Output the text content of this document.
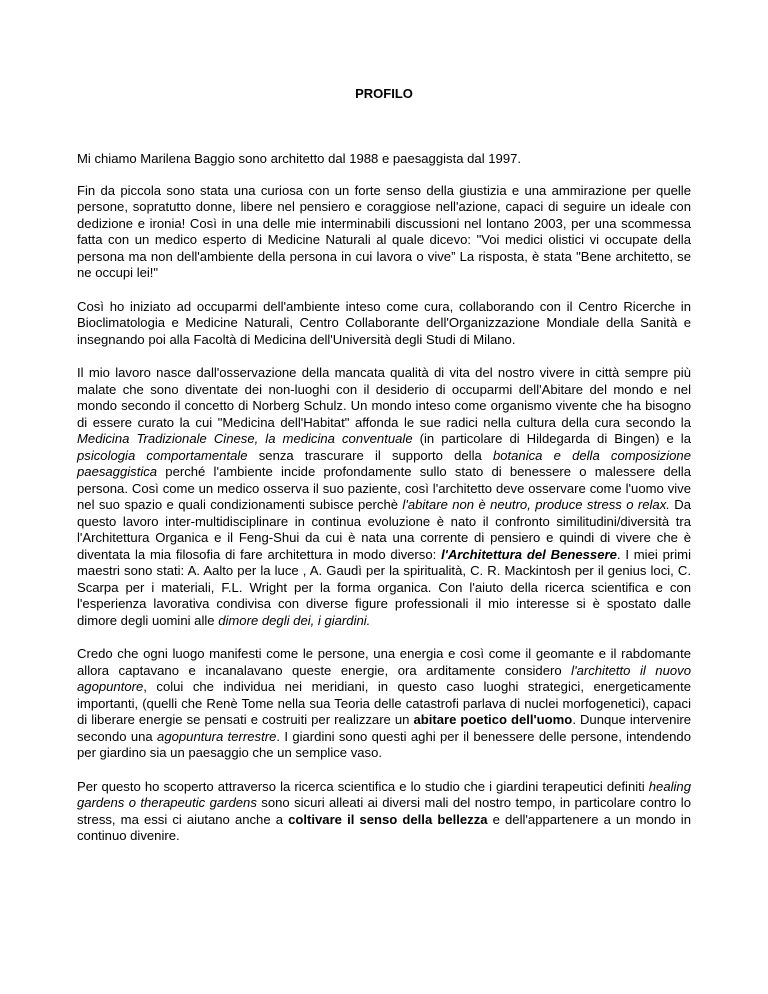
PROFILO

Mi chiamo Marilena Baggio sono architetto dal 1988 e paesaggista dal 1997.

Fin da piccola sono stata una curiosa con un forte senso della giustizia e una ammirazione per quelle persone, sopratutto donne, libere nel pensiero e coraggiose nell'azione, capaci di seguire un ideale con dedizione e ironia! Così in una delle mie interminabili discussioni nel lontano 2003, per una scommessa fatta con un medico esperto di Medicine Naturali al quale dicevo: "Voi medici olistici vi occupate della persona ma non dell'ambiente della persona in cui lavora o vive” La risposta, è stata "Bene architetto, se ne occupi lei!"

Così ho iniziato ad occuparmi dell'ambiente inteso come cura, collaborando con il Centro Ricerche in Bioclimatologia e Medicine Naturali, Centro Collaborante dell'Organizzazione Mondiale della Sanità e insegnando poi alla Facoltà di Medicina dell'Università degli Studi di Milano.

Il mio lavoro nasce dall'osservazione della mancata qualità di vita del nostro vivere in città sempre più malate che sono diventate dei non-luoghi con il desiderio di occuparmi dell'Abitare del mondo e nel mondo secondo il concetto di Norberg Schulz. Un mondo inteso come organismo vivente che ha bisogno di essere curato la cui "Medicina dell'Habitat" affonda le sue radici nella cultura della cura secondo la Medicina Tradizionale Cinese, la medicina conventuale (in particolare di Hildegarda di Bingen) e la psicologia comportamentale senza trascurare il supporto della botanica e della composizione paesaggistica perché l'ambiente incide profondamente sullo stato di benessere o malessere della persona. Così come un medico osserva il suo paziente, così l'architetto deve osservare come l'uomo vive nel suo spazio e quali condizionamenti subisce perchè l'abitare non è neutro, produce stress o relax. Da questo lavoro inter-multidisciplinare in continua evoluzione è nato il confronto similitudini/diversità tra l'Architettura Organica e il Feng-Shui da cui è nata una corrente di pensiero e quindi di vivere che è diventata la mia filosofia di fare architettura in modo diverso: l'Architettura del Benessere. I miei primi maestri sono stati: A. Aalto per la luce , A. Gaudì per la spiritualità, C. R. Mackintosh per il genius loci, C. Scarpa per i materiali, F.L. Wright per la forma organica. Con l'aiuto della ricerca scientifica e con l'esperienza lavorativa condivisa con diverse figure professionali il mio interesse si è spostato dalle dimore degli uomini alle dimore degli dei, i giardini.

Credo che ogni luogo manifesti come le persone, una energia e così come il geomante e il rabdomante allora captavano e incanalavano queste energie, ora arditamente considero l'architetto il nuovo agopuntore, colui che individua nei meridiani, in questo caso luoghi strategici, energeticamente importanti, (quelli che Renè Tome nella sua Teoria delle catastrofi parlava di nuclei morfogenetici), capaci di liberare energie se pensati e costruiti per realizzare un abitare poetico dell'uomo. Dunque intervenire secondo una agopuntura terrestre. I giardini sono questi aghi per il benessere delle persone, intendendo per giardino sia un paesaggio che un semplice vaso.

Per questo ho scoperto attraverso la ricerca scientifica e lo studio che i giardini terapeutici definiti healing gardens o therapeutic gardens sono sicuri alleati ai diversi mali del nostro tempo, in particolare contro lo stress, ma essi ci aiutano anche a coltivare il senso della bellezza e dell'appartenere a un mondo in continuo divenire.
